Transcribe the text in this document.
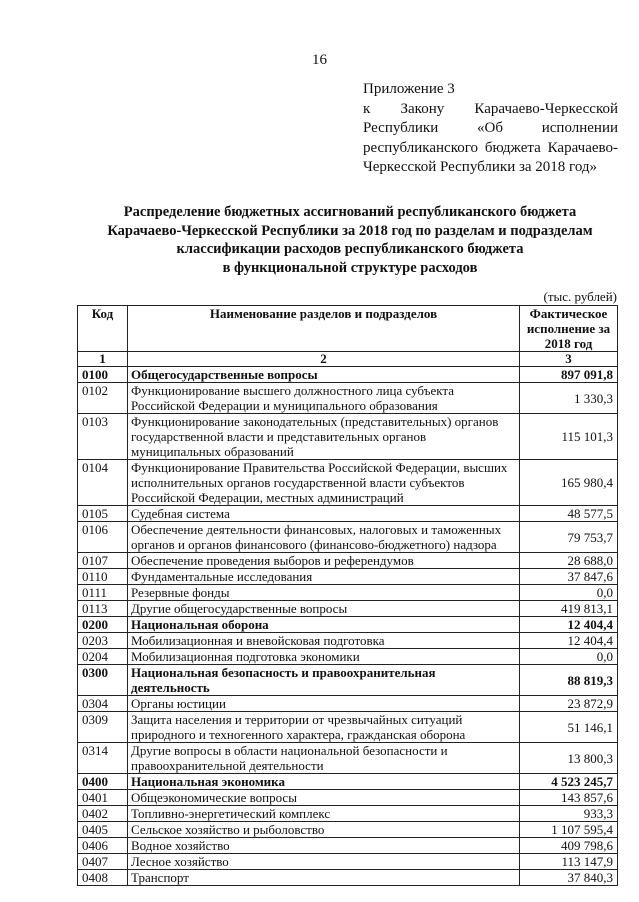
16
Приложение 3
к Закону Карачаево-Черкесской
Республики «Об исполнении
республиканского бюджета Карачаево-
Черкесской Республики за 2018 год»
Распределение бюджетных ассигнований республиканского бюджета
Карачаево-Черкесской Республики за 2018 год по разделам и подразделам
классификации расходов республиканского бюджета
в функциональной структуре расходов
(тыс. рублей)
Код	Наименование разделов и подразделов	Фактическое исполнение за 2018 год
1	2	3
0100	Общегосударственные вопросы	897 091,8
0102	Функционирование высшего должностного лица субъекта Российской Федерации и муниципального образования	1 330,3
0103	Функционирование законодательных (представительных) органов государственной власти и представительных органов муниципальных образований	115 101,3
0104	Функционирование Правительства Российской Федерации, высших исполнительных органов государственной власти субъектов Российской Федерации, местных администраций	165 980,4
0105	Судебная система	48 577,5
0106	Обеспечение деятельности финансовых, налоговых и таможенных органов и органов финансового (финансово-бюджетного) надзора	79 753,7
0107	Обеспечение проведения выборов и референдумов	28 688,0
0110	Фундаментальные исследования	37 847,6
0111	Резервные фонды	0,0
0113	Другие общегосударственные вопросы	419 813,1
0200	Национальная оборона	12 404,4
0203	Мобилизационная и вневойсковая подготовка	12 404,4
0204	Мобилизационная подготовка экономики	0,0
0300	Национальная безопасность и правоохранительная деятельность	88 819,3
0304	Органы юстиции	23 872,9
0309	Защита населения и территории от чрезвычайных ситуаций природного и техногенного характера, гражданская оборона	51 146,1
0314	Другие вопросы в области национальной безопасности и правоохранительной деятельности	13 800,3
0400	Национальная экономика	4 523 245,7
0401	Общеэкономические вопросы	143 857,6
0402	Топливно-энергетический комплекс	933,3
0405	Сельское хозяйство и рыболовство	1 107 595,4
0406	Водное хозяйство	409 798,6
0407	Лесное хозяйство	113 147,9
0408	Транспорт	37 840,3
